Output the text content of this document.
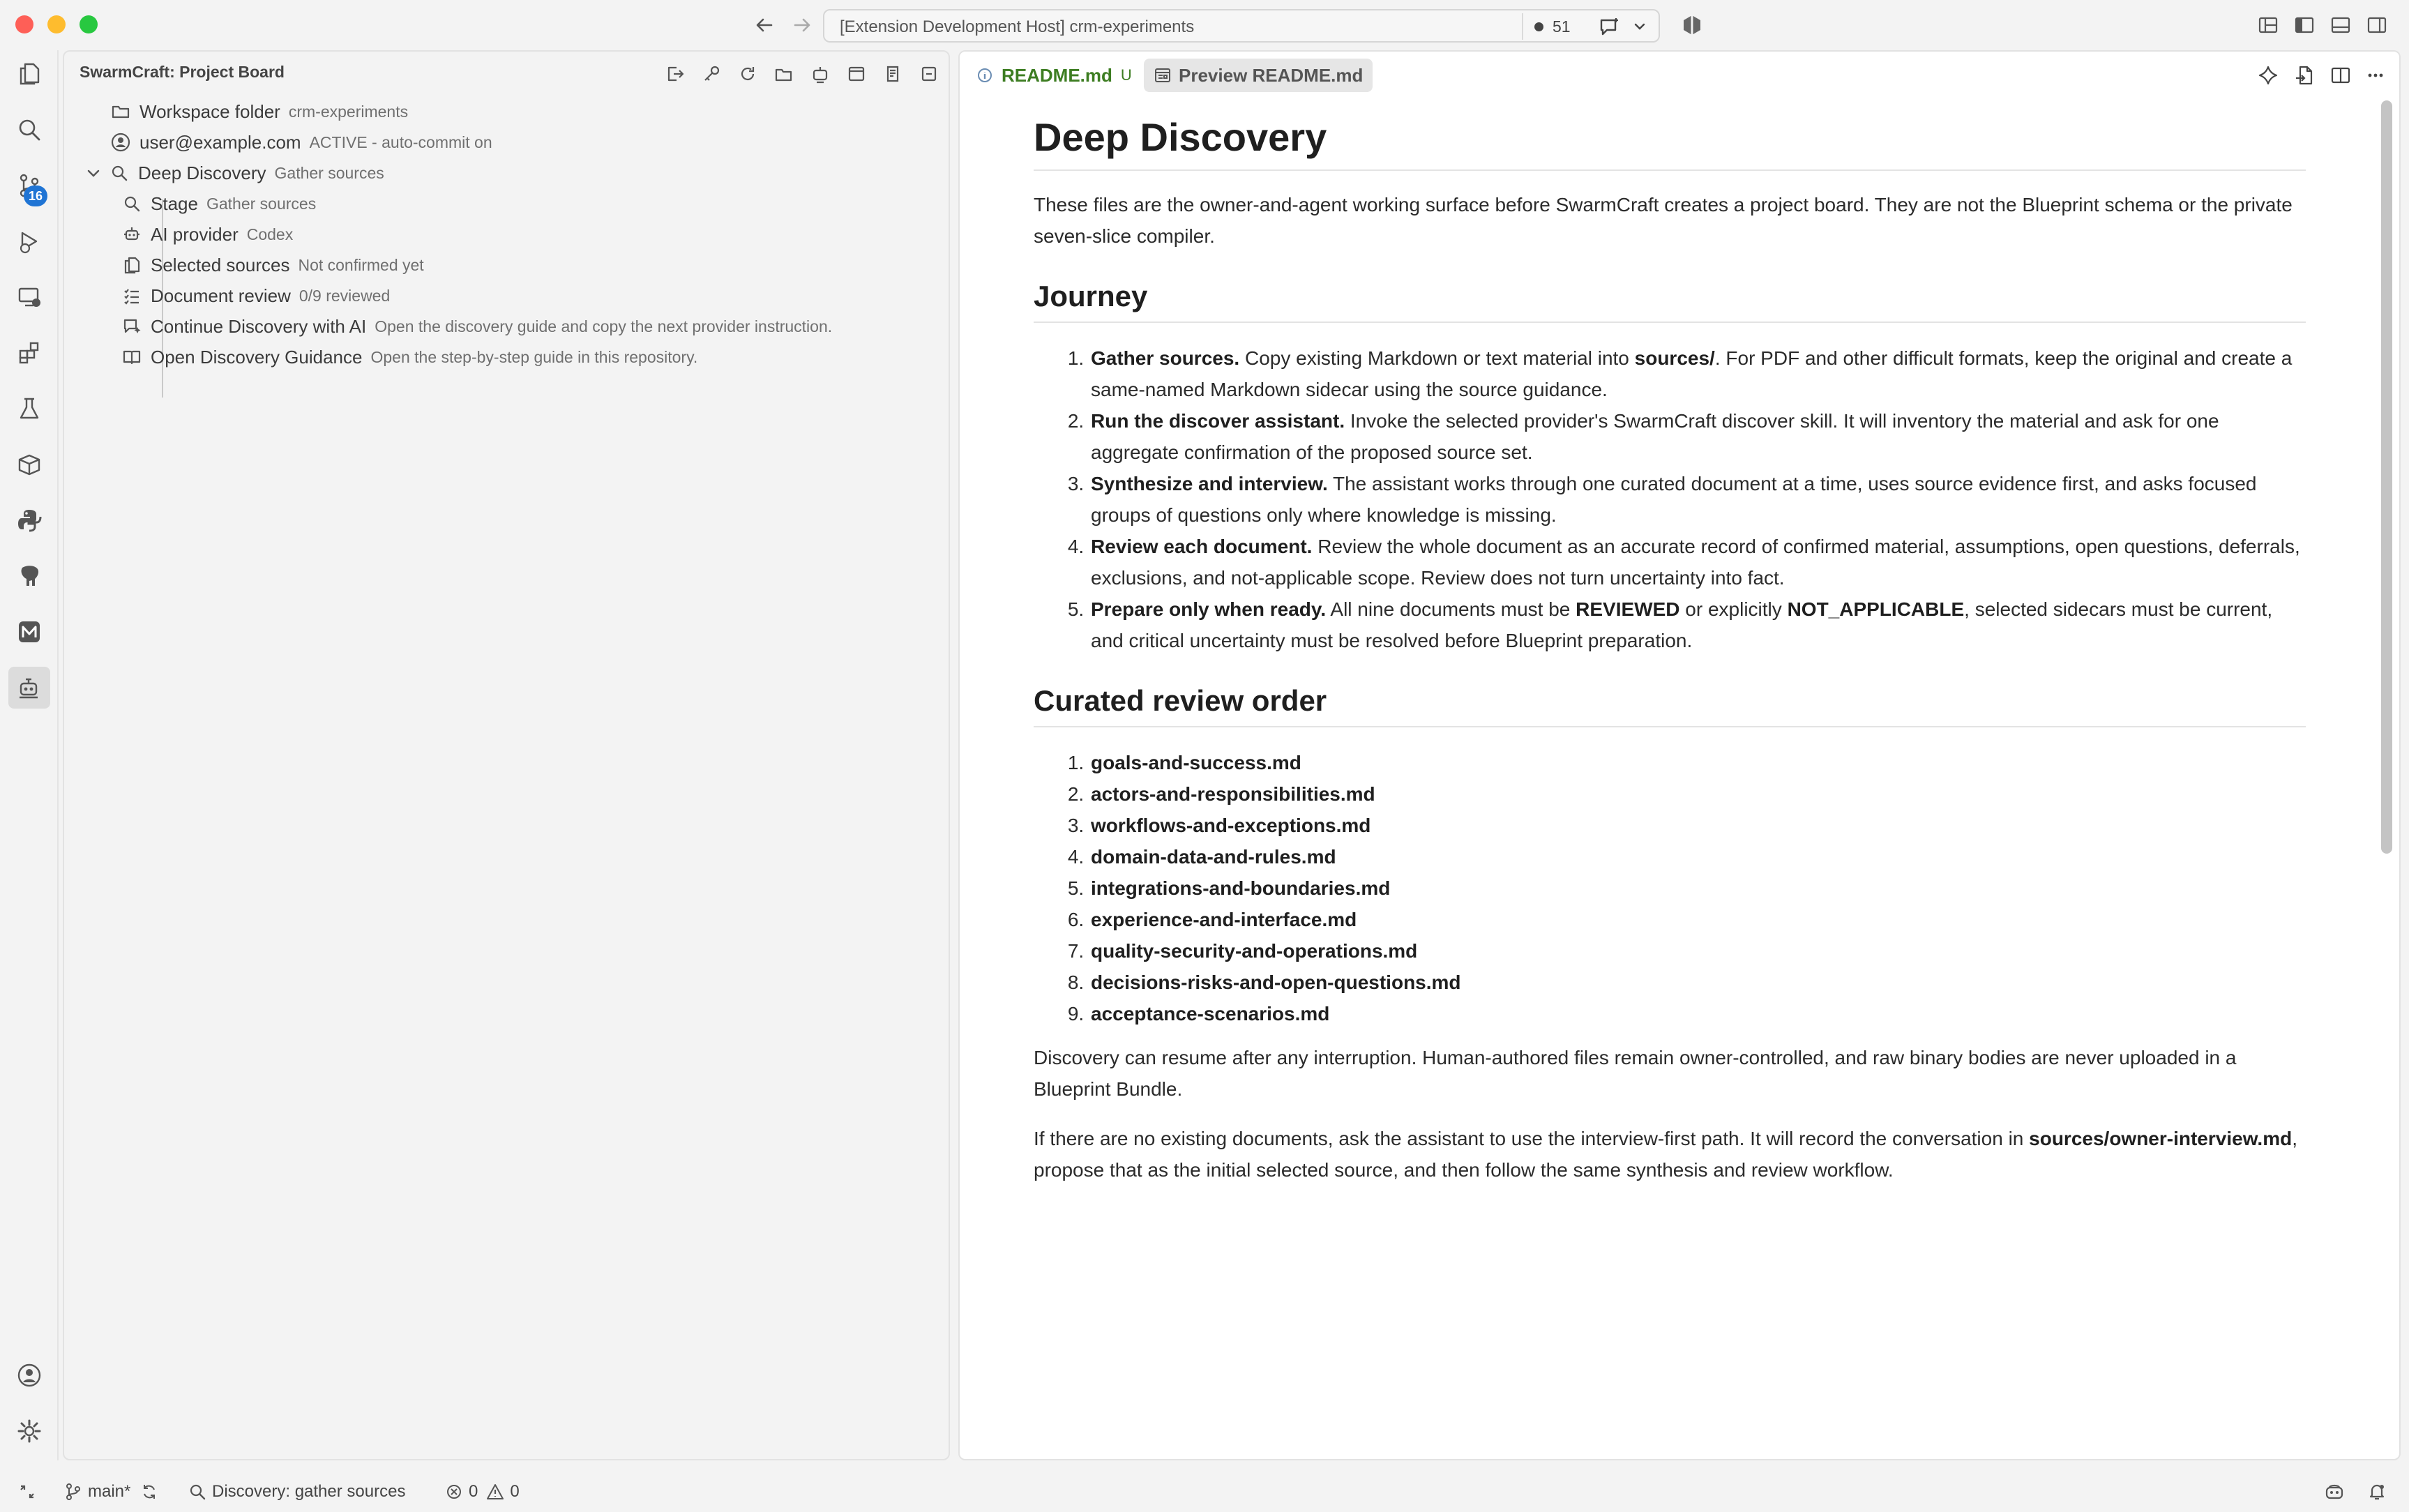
[Extension Development Host] crm-experiments	51
16
SwarmCraft: Project Board
Workspace folder crm-experiments
user@example.com ACTIVE - auto-commit on
Deep Discovery Gather sources
Stage Gather sources
AI provider Codex
Selected sources Not confirmed yet
Document review 0/9 reviewed
Continue Discovery with AI Open the discovery guide and copy the next provider instruction.
Open Discovery Guidance Open the step-by-step guide in this repository.
README.md U	Preview README.md
Deep Discovery

These files are the owner-and-agent working surface before SwarmCraft creates a project board. They are not the Blueprint schema or the private seven-slice compiler.

Journey
1. Gather sources. Copy existing Markdown or text material into sources/. For PDF and other difficult formats, keep the original and create a same-named Markdown sidecar using the source guidance.
2. Run the discover assistant. Invoke the selected provider's SwarmCraft discover skill. It will inventory the material and ask for one aggregate confirmation of the proposed source set.
3. Synthesize and interview. The assistant works through one curated document at a time, uses source evidence first, and asks focused groups of questions only where knowledge is missing.
4. Review each document. Review the whole document as an accurate record of confirmed material, assumptions, open questions, deferrals, exclusions, and not-applicable scope. Review does not turn uncertainty into fact.
5. Prepare only when ready. All nine documents must be REVIEWED or explicitly NOT_APPLICABLE, selected sidecars must be current, and critical uncertainty must be resolved before Blueprint preparation.
Curated review order
1. goals-and-success.md
2. actors-and-responsibilities.md
3. workflows-and-exceptions.md
4. domain-data-and-rules.md
5. integrations-and-boundaries.md
6. experience-and-interface.md
7. quality-security-and-operations.md
8. decisions-risks-and-open-questions.md
9. acceptance-scenarios.md

Discovery can resume after any interruption. Human-authored files remain owner-controlled, and raw binary bodies are never uploaded in a Blueprint Bundle.

If there are no existing documents, ask the assistant to use the interview-first path. It will record the conversation in sources/owner-interview.md, propose that as the initial selected source, and then follow the same synthesis and review workflow.

main*	Discovery: gather sources	0 0
